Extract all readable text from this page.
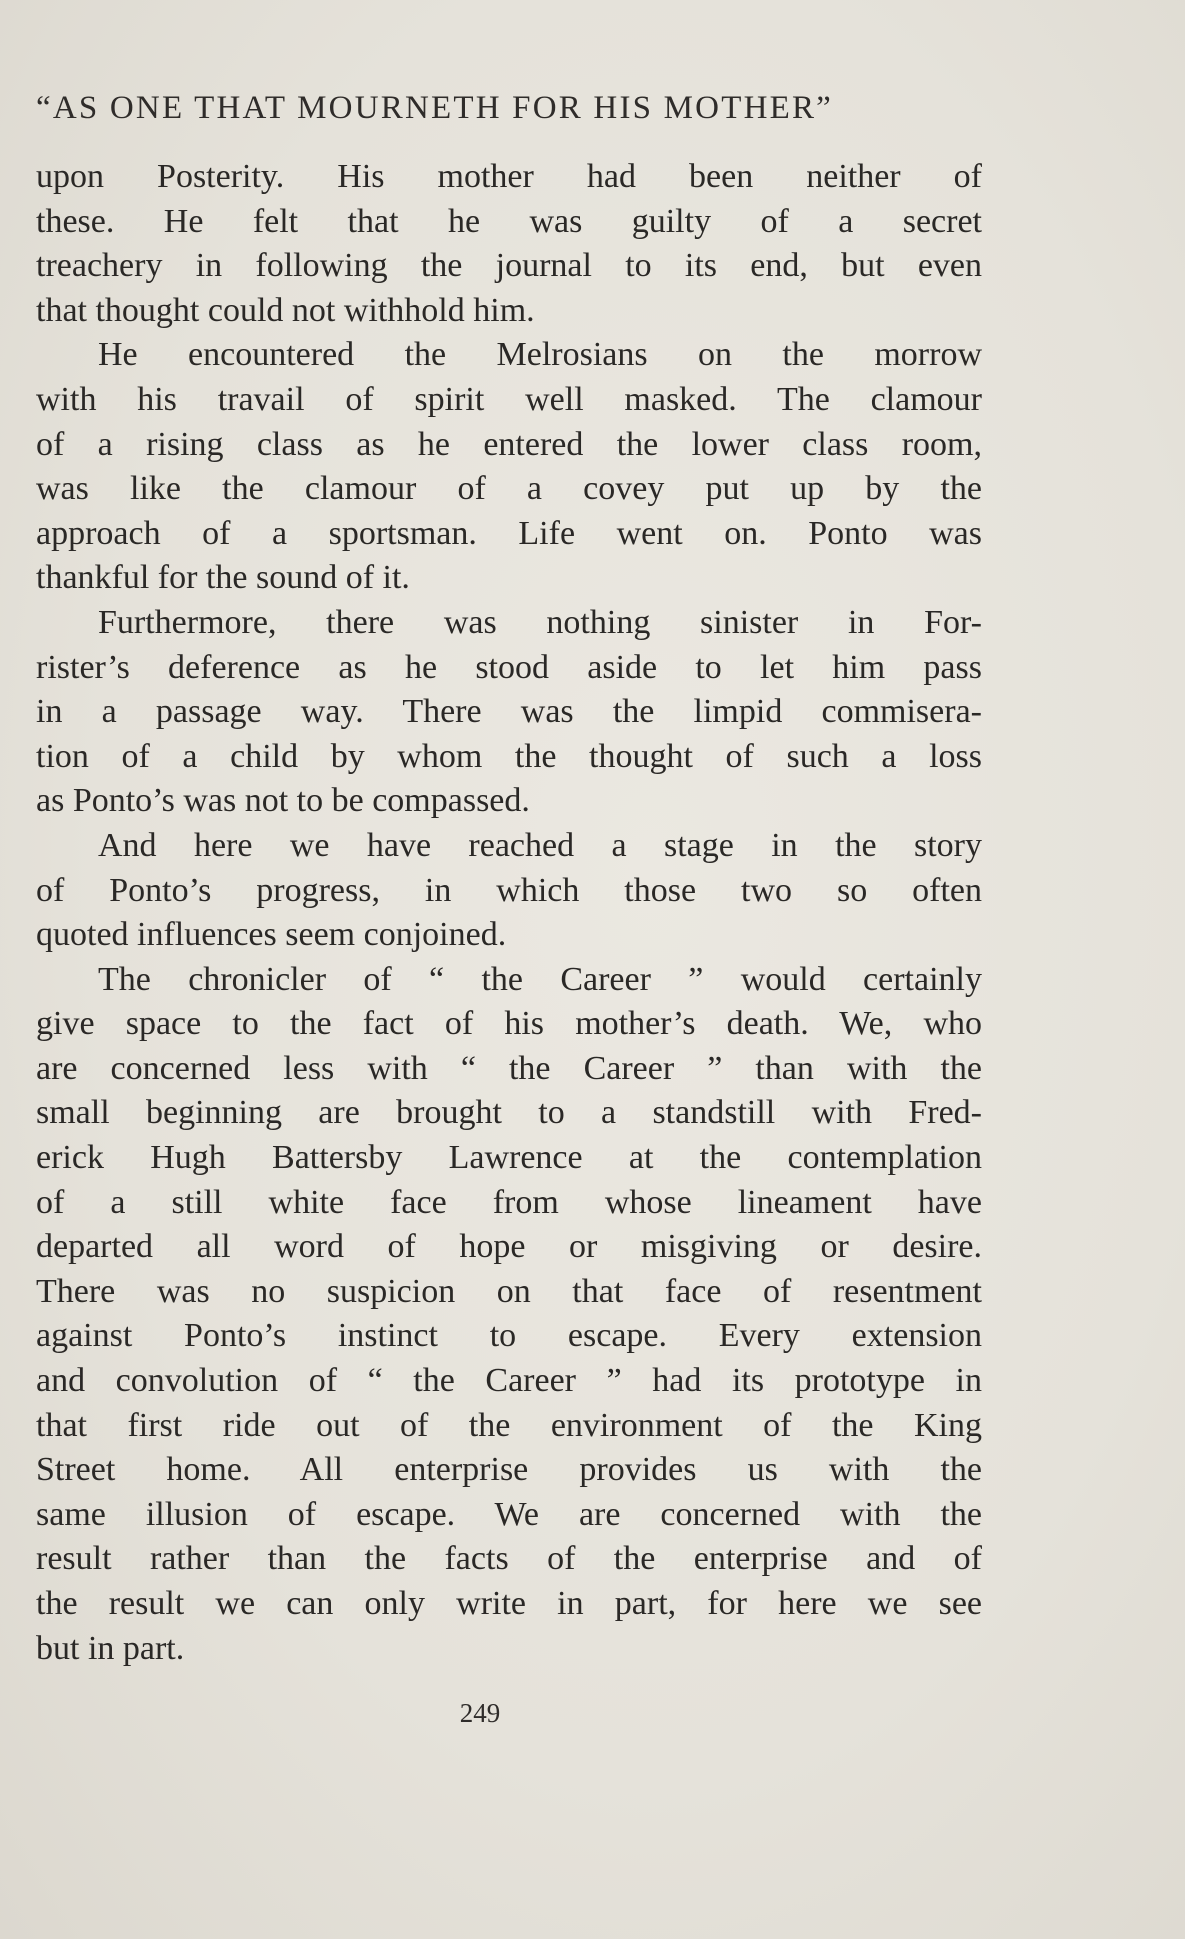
“AS ONE THAT MOURNETH FOR HIS MOTHER”
upon Posterity. His mother had been neither of
these. He felt that he was guilty of a secret
treachery in following the journal to its end, but even
that thought could not withhold him.
He encountered the Melrosians on the morrow
with his travail of spirit well masked. The clamour
of a rising class as he entered the lower class room,
was like the clamour of a covey put up by the
approach of a sportsman. Life went on. Ponto was
thankful for the sound of it.
Furthermore, there was nothing sinister in For-
rister’s deference as he stood aside to let him pass
in a passage way. There was the limpid commisera-
tion of a child by whom the thought of such a loss
as Ponto’s was not to be compassed.
And here we have reached a stage in the story
of Ponto’s progress, in which those two so often
quoted influences seem conjoined.
The chronicler of “ the Career ” would certainly
give space to the fact of his mother’s death. We, who
are concerned less with “ the Career ” than with the
small beginning are brought to a standstill with Fred-
erick Hugh Battersby Lawrence at the contemplation
of a still white face from whose lineament have
departed all word of hope or misgiving or desire.
There was no suspicion on that face of resentment
against Ponto’s instinct to escape. Every extension
and convolution of “ the Career ” had its prototype in
that first ride out of the environment of the King
Street home. All enterprise provides us with the
same illusion of escape. We are concerned with the
result rather than the facts of the enterprise and of
the result we can only write in part, for here we see
but in part.
249
